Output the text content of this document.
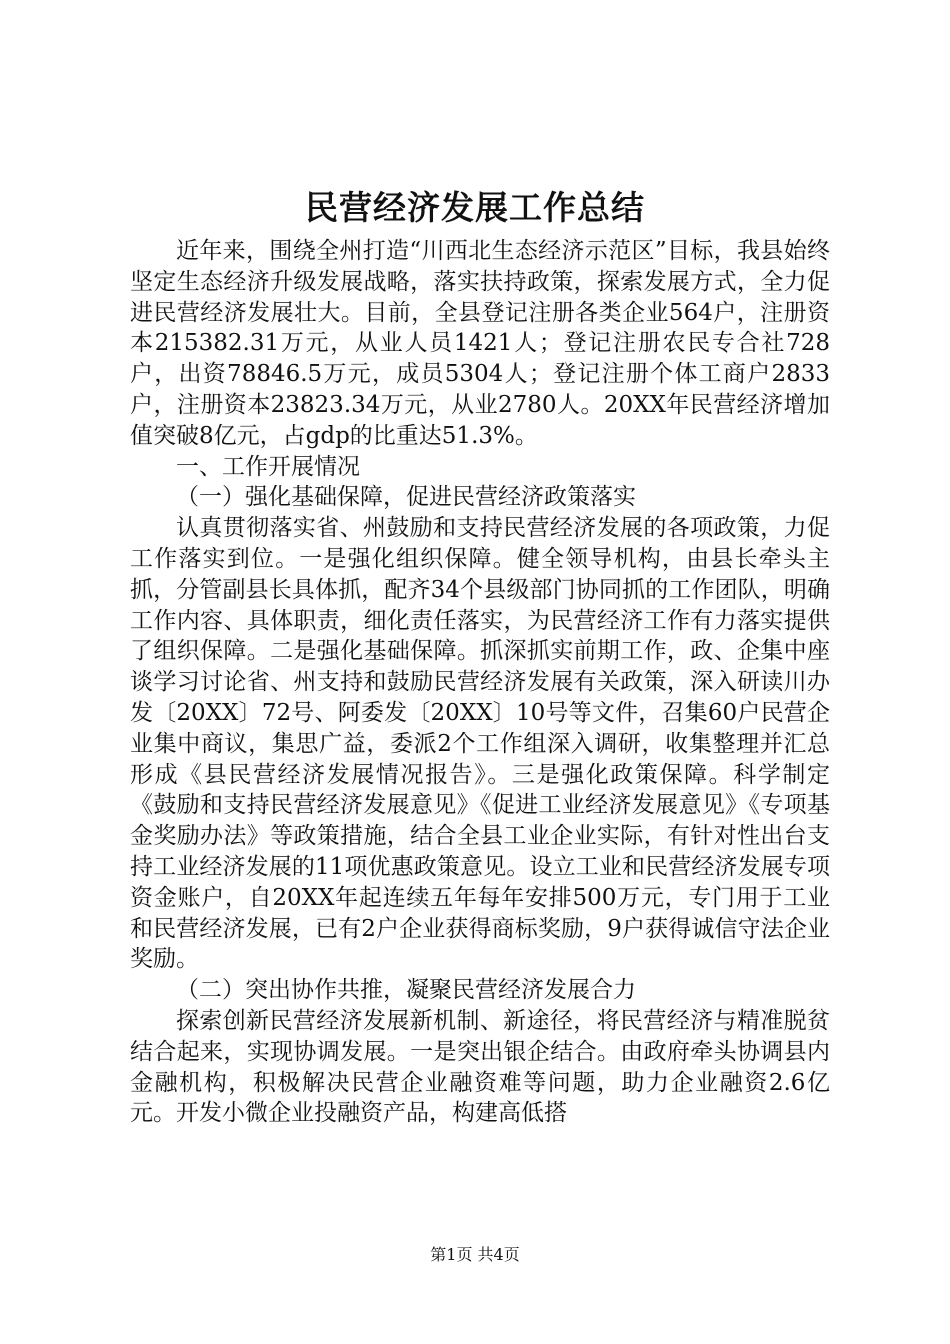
民营经济发展工作总结

近年来，围绕全州打造“川西北生态经济示范区”目标，我县始终坚定生态经济升级发展战略，落实扶持政策，探索发展方式，全力促进民营经济发展壮大。目前，全县登记注册各类企业564户，注册资本215382.31万元，从业人员1421人；登记注册农民专合社728户，出资78846.5万元，成员5304人；登记注册个体工商户2833户，注册资本23823.34万元，从业2780人。20XX年民营经济增加值突破8亿元，占gdp的比重达51.3%。

一、工作开展情况

（一）强化基础保障，促进民营经济政策落实

认真贯彻落实省、州鼓励和支持民营经济发展的各项政策，力促工作落实到位。一是强化组织保障。健全领导机构，由县长牵头主抓，分管副县长具体抓，配齐34个县级部门协同抓的工作团队，明确工作内容、具体职责，细化责任落实，为民营经济工作有力落实提供了组织保障。二是强化基础保障。抓深抓实前期工作，政、企集中座谈学习讨论省、州支持和鼓励民营经济发展有关政策，深入研读川办发〔20XX〕72号、阿委发〔20XX〕10号等文件，召集60户民营企业集中商议，集思广益，委派2个工作组深入调研，收集整理并汇总形成《县民营经济发展情况报告》。三是强化政策保障。科学制定《鼓励和支持民营经济发展意见》《促进工业经济发展意见》《专项基金奖励办法》等政策措施，结合全县工业企业实际，有针对性出台支持工业经济发展的11项优惠政策意见。设立工业和民营经济发展专项资金账户，自20XX年起连续五年每年安排500万元，专门用于工业和民营经济发展，已有2户企业获得商标奖励，9户获得诚信守法企业奖励。

（二）突出协作共推，凝聚民营经济发展合力

探索创新民营经济发展新机制、新途径，将民营经济与精准脱贫结合起来，实现协调发展。一是突出银企结合。由政府牵头协调县内金融机构，积极解决民营企业融资难等问题，助力企业融资2.6亿元。开发小微企业投融资产品，构建高低搭

第1页 共4页
